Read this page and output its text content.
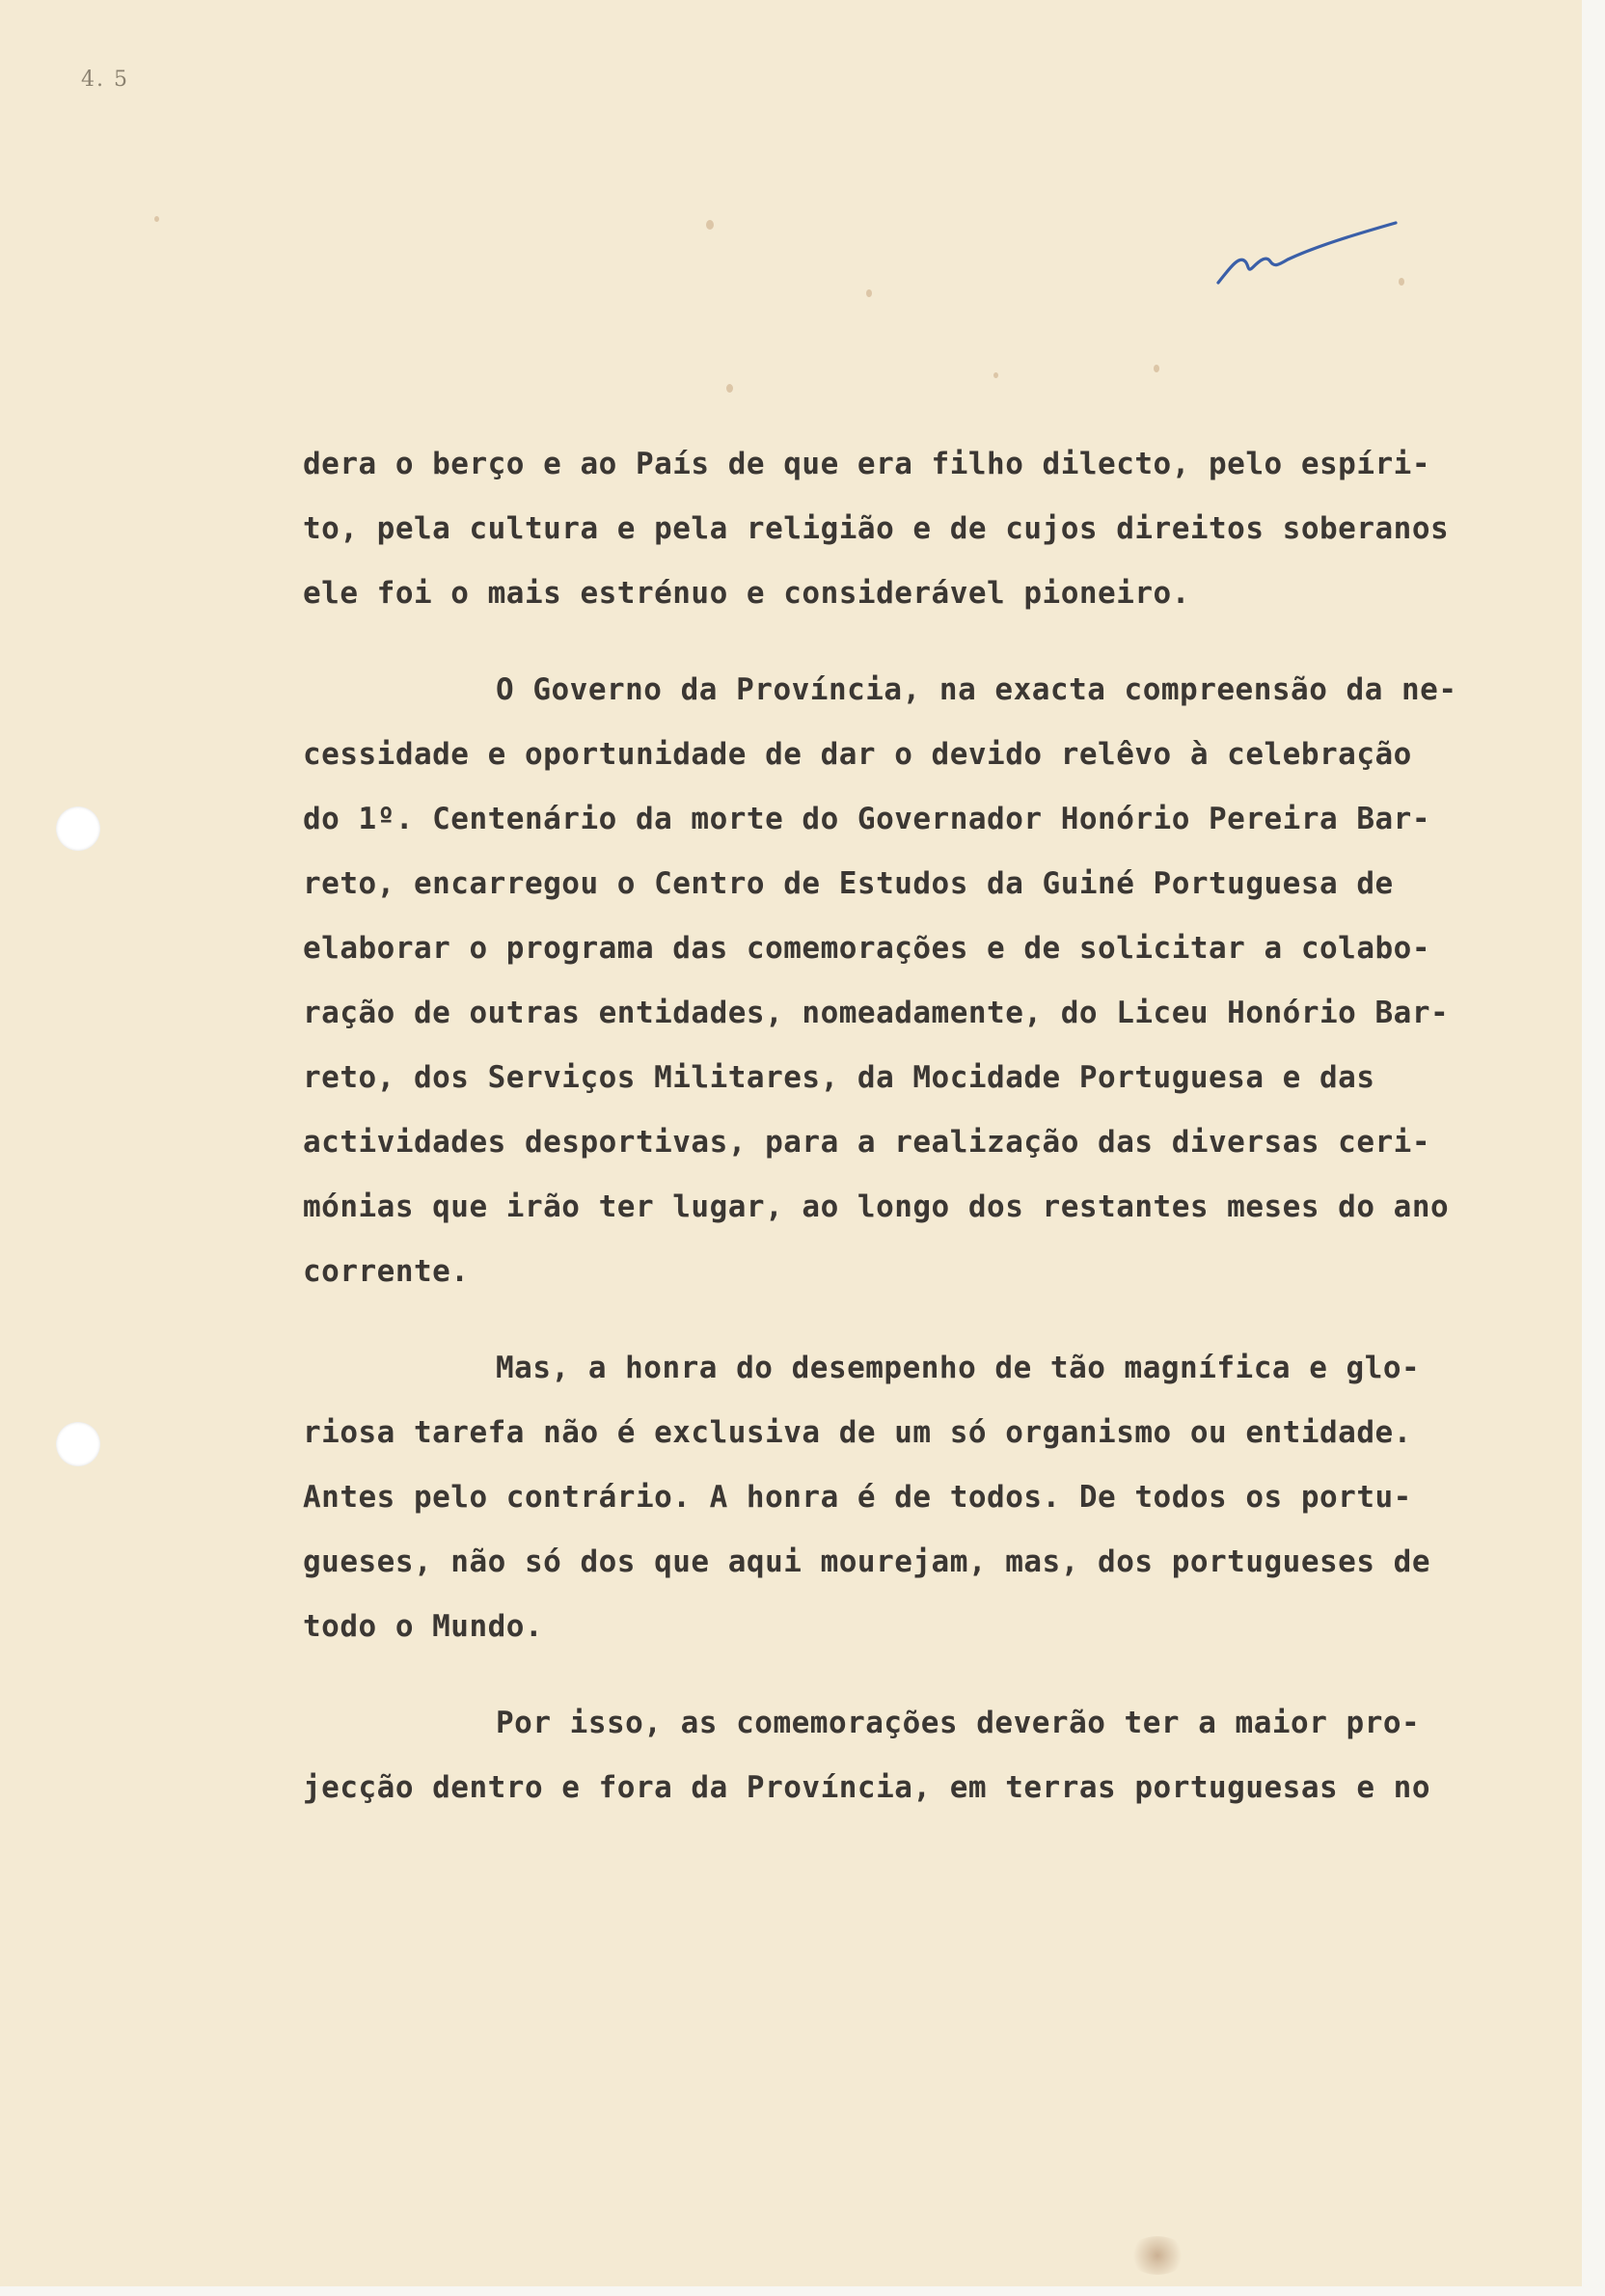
4. 5
dera o berço e ao País de que era filho dilecto, pelo espíri-
to, pela cultura e pela religião e de cujos direitos soberanos
ele foi o mais estrénuo e considerável pioneiro.
O Governo da Província, na exacta compreensão da ne-
cessidade e oportunidade de dar o devido relêvo à celebração
do 1º. Centenário da morte do Governador Honório Pereira Bar-
reto, encarregou o Centro de Estudos da Guiné Portuguesa de
elaborar o programa das comemorações e de solicitar a colabo-
ração de outras entidades, nomeadamente, do Liceu Honório Bar-
reto, dos Serviços Militares, da Mocidade Portuguesa e das
actividades desportivas, para a realização das diversas ceri-
mónias que irão ter lugar, ao longo dos restantes meses do ano
corrente.
Mas, a honra do desempenho de tão magnífica e glo-
riosa tarefa não é exclusiva de um só organismo ou entidade.
Antes pelo contrário. A honra é de todos. De todos os portu-
gueses, não só dos que aqui mourejam, mas, dos portugueses de
todo o Mundo.
Por isso, as comemorações deverão ter a maior pro-
jecção dentro e fora da Província, em terras portuguesas e no
